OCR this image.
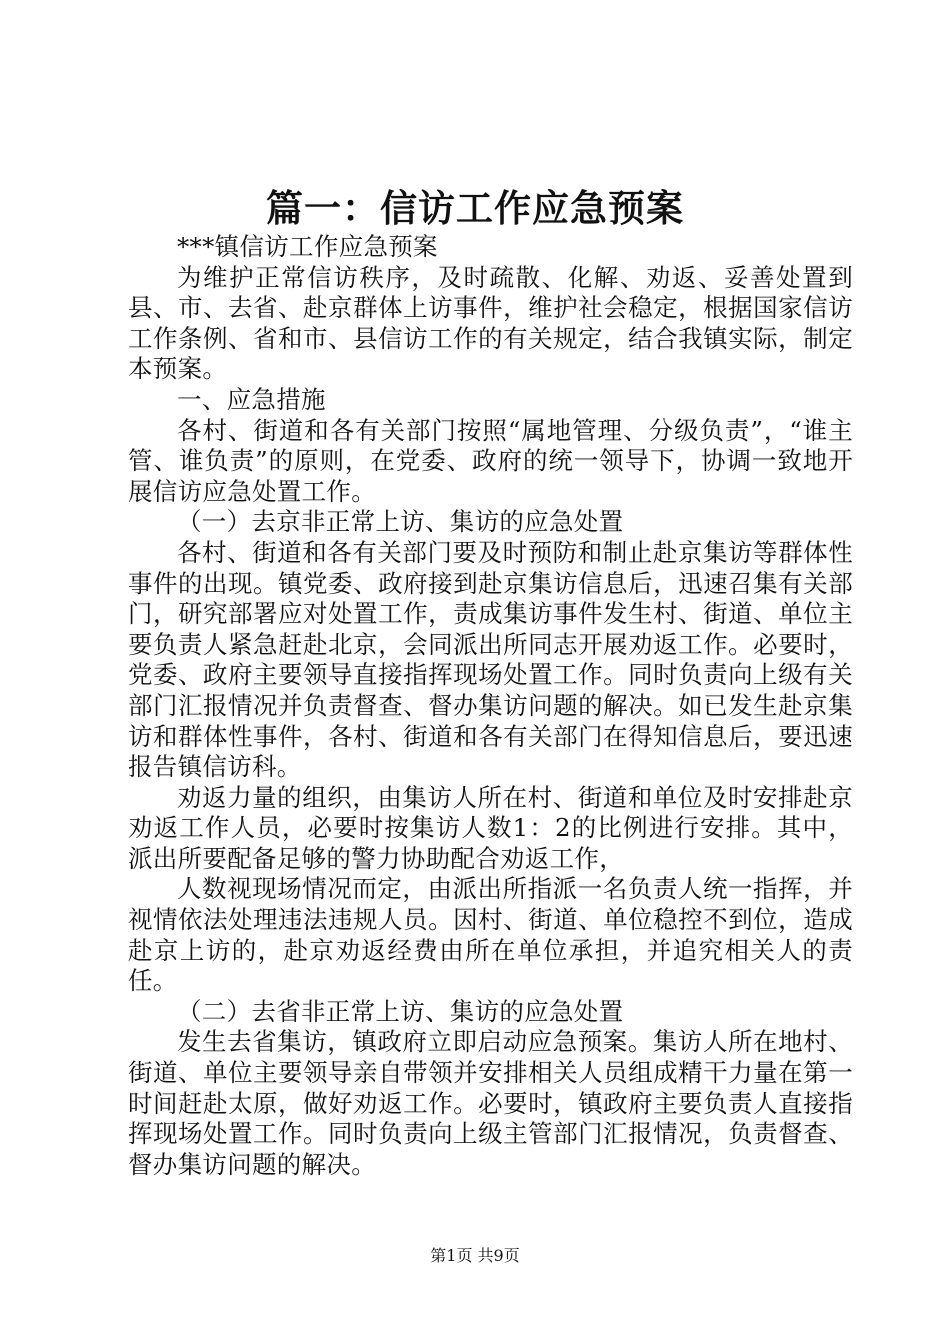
篇一：信访工作应急预案

***镇信访工作应急预案

为维护正常信访秩序，及时疏散、化解、劝返、妥善处置到县、市、去省、赴京群体上访事件，维护社会稳定，根据国家信访工作条例、省和市、县信访工作的有关规定，结合我镇实际，制定本预案。

一、应急措施

各村、街道和各有关部门按照“属地管理、分级负责”，“谁主管、谁负责”的原则，在党委、政府的统一领导下，协调一致地开展信访应急处置工作。

（一）去京非正常上访、集访的应急处置

各村、街道和各有关部门要及时预防和制止赴京集访等群体性事件的出现。镇党委、政府接到赴京集访信息后，迅速召集有关部门，研究部署应对处置工作，责成集访事件发生村、街道、单位主要负责人紧急赶赴北京，会同派出所同志开展劝返工作。必要时，党委、政府主要领导直接指挥现场处置工作。同时负责向上级有关部门汇报情况并负责督查、督办集访问题的解决。如已发生赴京集访和群体性事件，各村、街道和各有关部门在得知信息后，要迅速报告镇信访科。

劝返力量的组织，由集访人所在村、街道和单位及时安排赴京劝返工作人员，必要时按集访人数1：2的比例进行安排。其中，派出所要配备足够的警力协助配合劝返工作，

人数视现场情况而定，由派出所指派一名负责人统一指挥，并视情依法处理违法违规人员。因村、街道、单位稳控不到位，造成赴京上访的，赴京劝返经费由所在单位承担，并追究相关人的责任。

（二）去省非正常上访、集访的应急处置

发生去省集访，镇政府立即启动应急预案。集访人所在地村、街道、单位主要领导亲自带领并安排相关人员组成精干力量在第一时间赶赴太原，做好劝返工作。必要时，镇政府主要负责人直接指挥现场处置工作。同时负责向上级主管部门汇报情况，负责督查、督办集访问题的解决。

第1页 共9页
